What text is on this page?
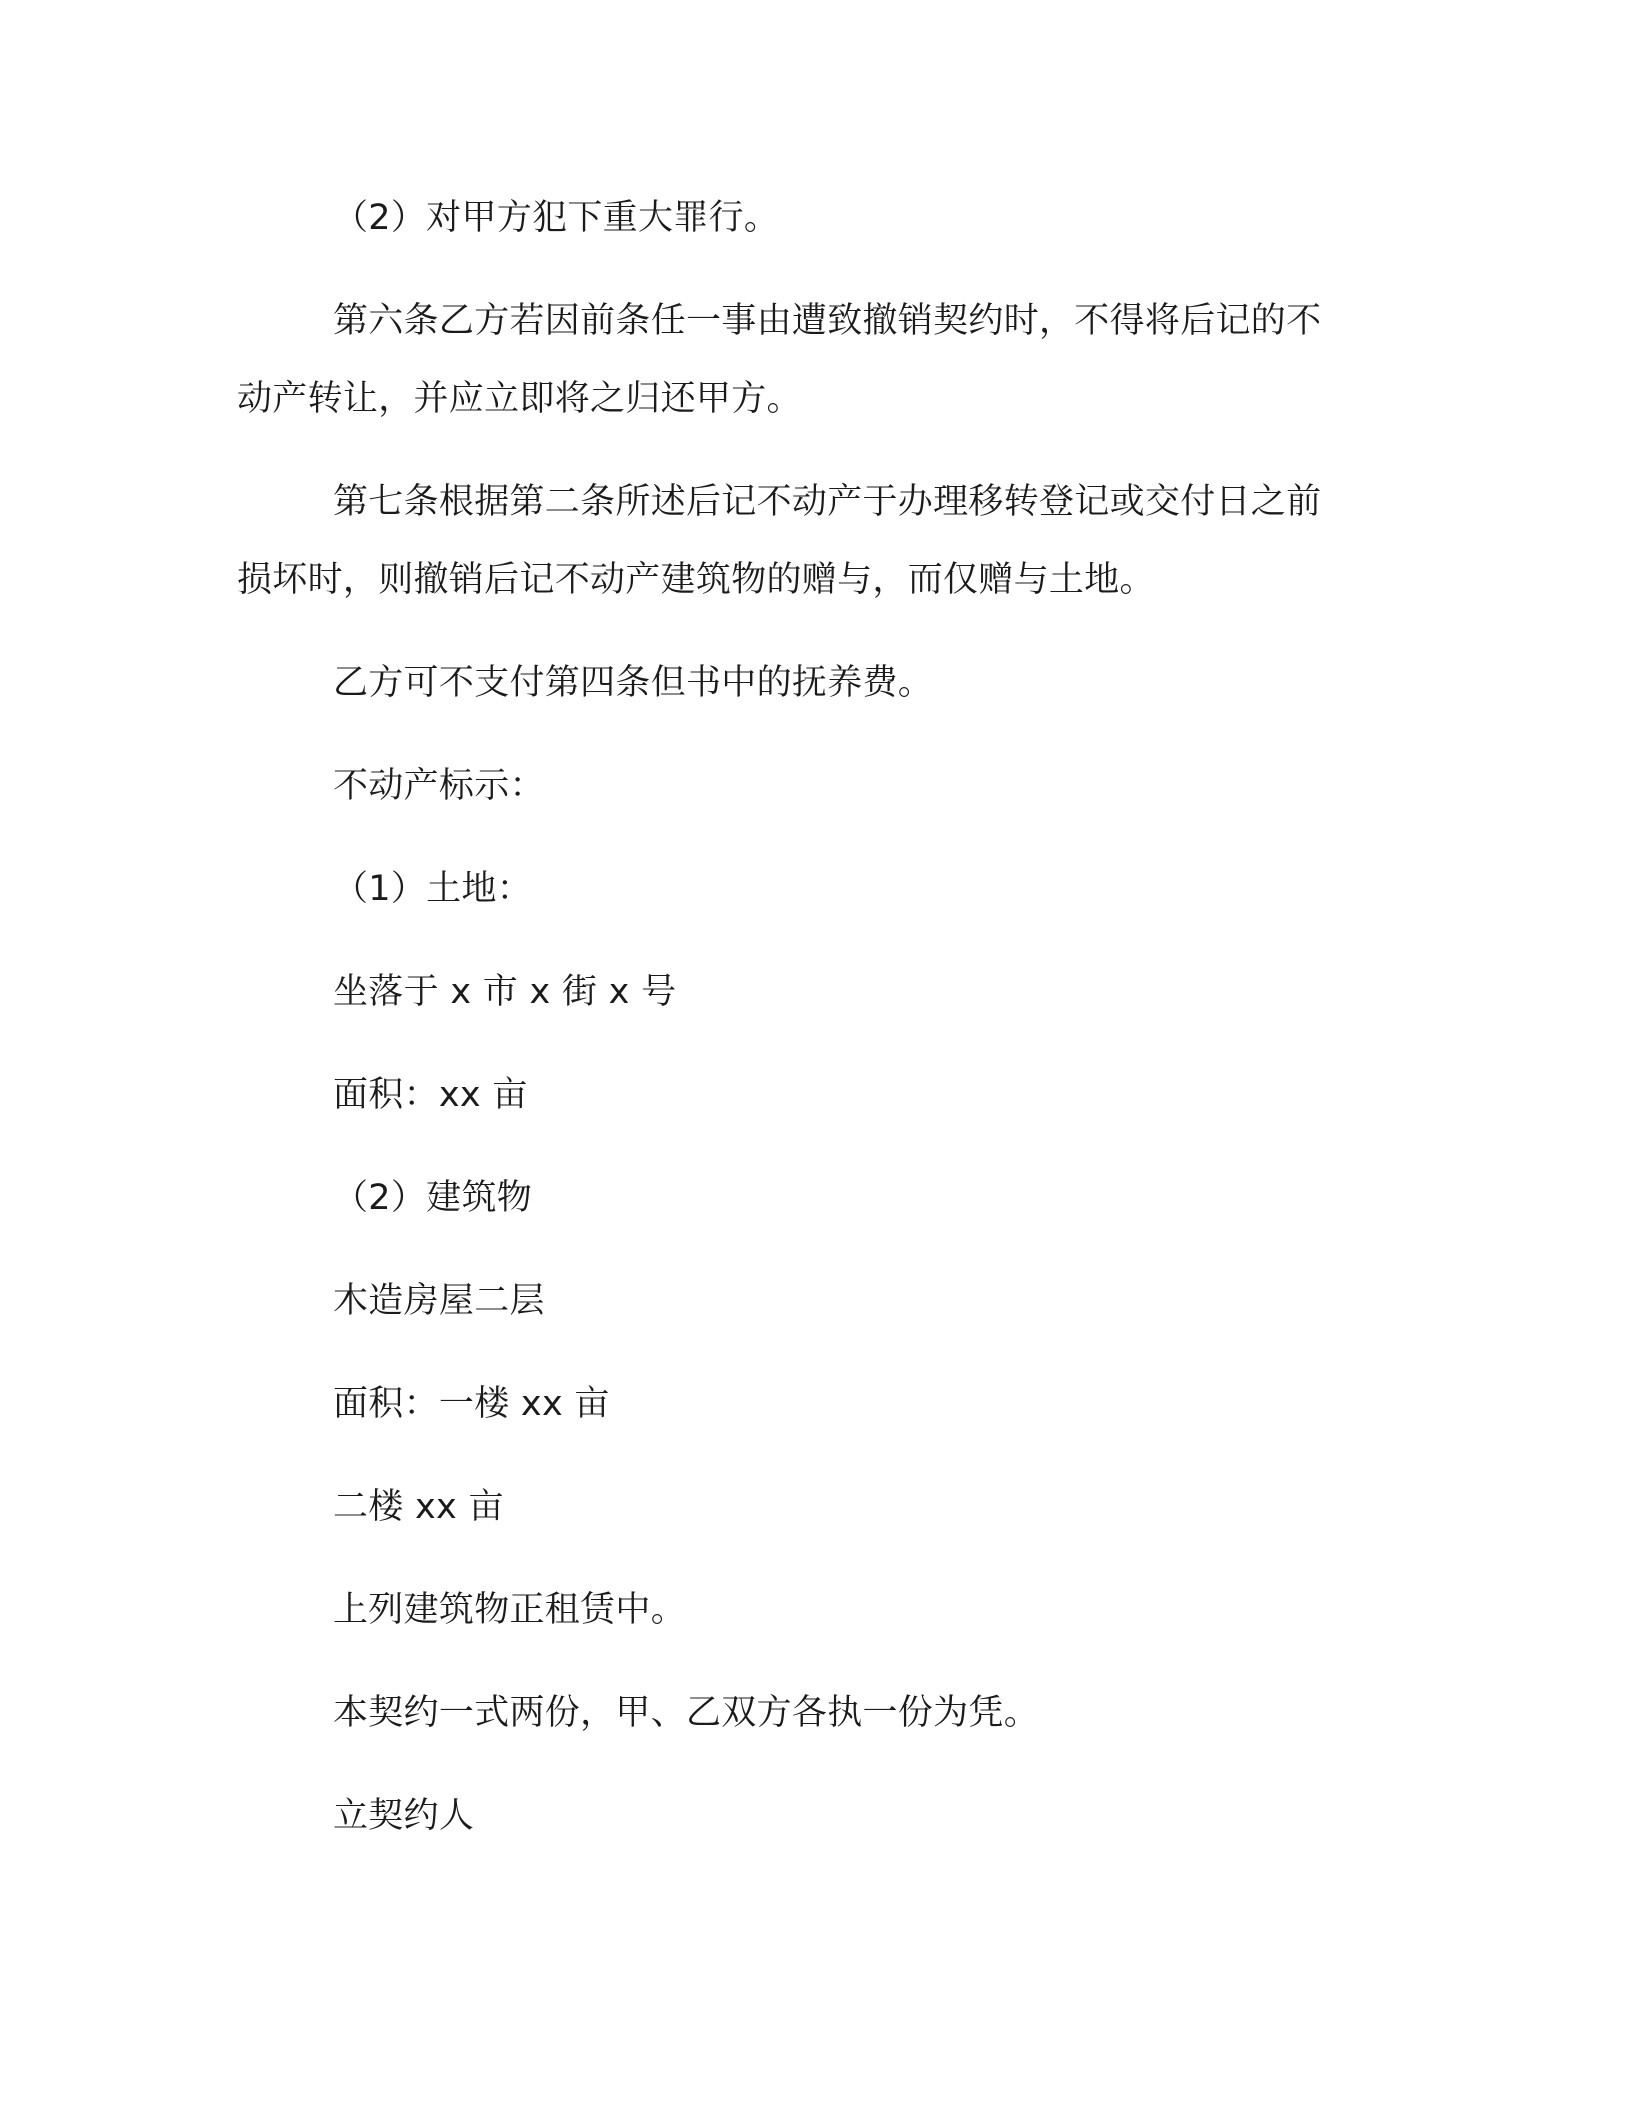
（2）对甲方犯下重大罪行。
第六条乙方若因前条任一事由遭致撤销契约时，不得将后记的不
动产转让，并应立即将之归还甲方。
第七条根据第二条所述后记不动产于办理移转登记或交付日之前
损坏时，则撤销后记不动产建筑物的赠与，而仅赠与土地。
乙方可不支付第四条但书中的抚养费。
不动产标示：
（1）土地：
坐落于 x 市 x 街 x 号
面积：xx 亩
（2）建筑物
木造房屋二层
面积：一楼 xx 亩
二楼 xx 亩
上列建筑物正租赁中。
本契约一式两份，甲、乙双方各执一份为凭。
立契约人
